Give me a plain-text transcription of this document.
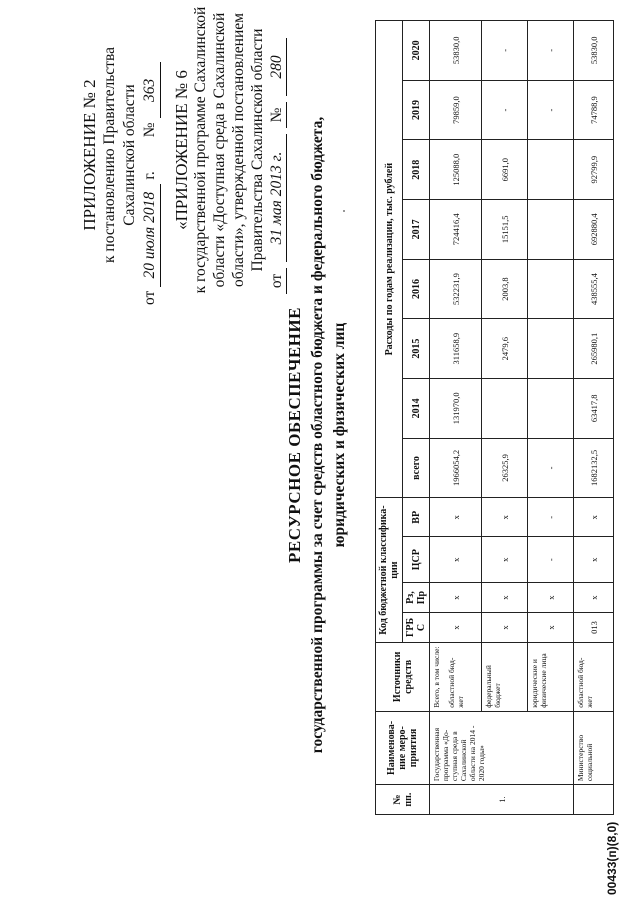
ПРИЛОЖЕНИЕ № 2 к постановлению Правительства Сахалинской области
от
20 июля 2018
г.
№
363 «ПРИЛОЖЕНИЕ № 6 к государственной программе Сахалинской области «Доступная среда в Сахалинской области», утвержденной постановлением Правительства Сахалинской области
от
31 мая 2013 г.
№
280
РЕСУРСНОЕ ОБЕСПЕЧЕНИЕ государственной программы за счет средств областного бюджета и федерального бюджета, юридических и физических лиц
№ пп.	Наименова- ние меро- приятия	Источники средств	Код бюджетной классифика- ции				Расходы по годам реализации, тыс. рублей							
			ГРБ С	Рз, Пр	ЦСР	ВР	всего	2014	2015	2016	2017	2018	2019	2020
1.	Государственная программа «До- ступная среда в Сахалинской области на 2014 - 2020 годы»	Всего, в том числе: областной бюд- жет	х	х	х	х	1966054,2	131970,0	311658,9	532231,9	724416,4	125088,0	79859,0	53830,0
		федеральный бюджет	х	х	х	х	26325,9		2479,6	2003,8	15151,5	6691,0	-	-
		юридические и физические лица	х	х	-	-	-						-	-
	Министерство социальной	областной бюд- жет	013	х	х	х	1682132,5	63417,8	265980,1	438555,4	692880,4	92799,9	74788,9	53830,0
00433(п)(8,0)
